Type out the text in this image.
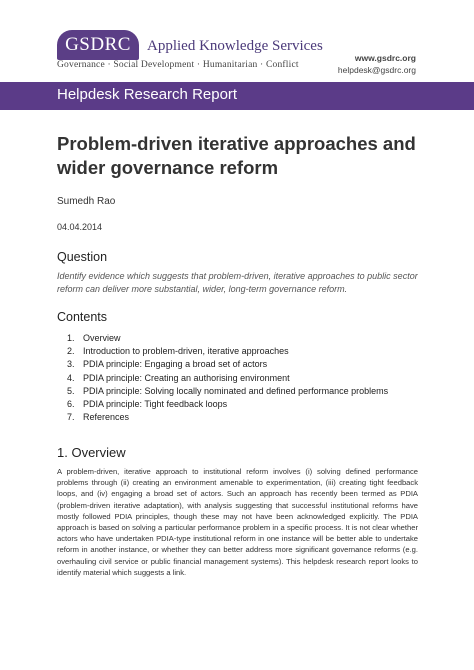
GSDRC Applied Knowledge Services
Governance · Social Development · Humanitarian · Conflict
www.gsdrc.org
helpdesk@gsdrc.org
Helpdesk Research Report
Problem-driven iterative approaches and wider governance reform
Sumedh Rao
04.04.2014
Question
Identify evidence which suggests that problem-driven, iterative approaches to public sector reform can deliver more substantial, wider, long-term governance reform.
Contents
1. Overview
2. Introduction to problem-driven, iterative approaches
3. PDIA principle: Engaging a broad set of actors
4. PDIA principle: Creating an authorising environment
5. PDIA principle: Solving locally nominated and defined performance problems
6. PDIA principle: Tight feedback loops
7. References
1. Overview
A problem-driven, iterative approach to institutional reform involves (i) solving defined performance problems through (ii) creating an environment amenable to experimentation, (iii) creating tight feedback loops, and (iv) engaging a broad set of actors. Such an approach has recently been termed as PDIA (problem-driven iterative adaptation), with analysis suggesting that successful institutional reforms have mostly followed PDIA principles, though these may not have been acknowledged explicitly. The PDIA approach is based on solving a particular performance problem in a specific process. It is not clear whether actors who have undertaken PDIA-type institutional reform in one instance will be better able to undertake reform in another instance, or whether they can better address more significant governance reforms (e.g. overhauling civil service or public financial management systems). This helpdesk research report looks to identify material which suggests a link.
